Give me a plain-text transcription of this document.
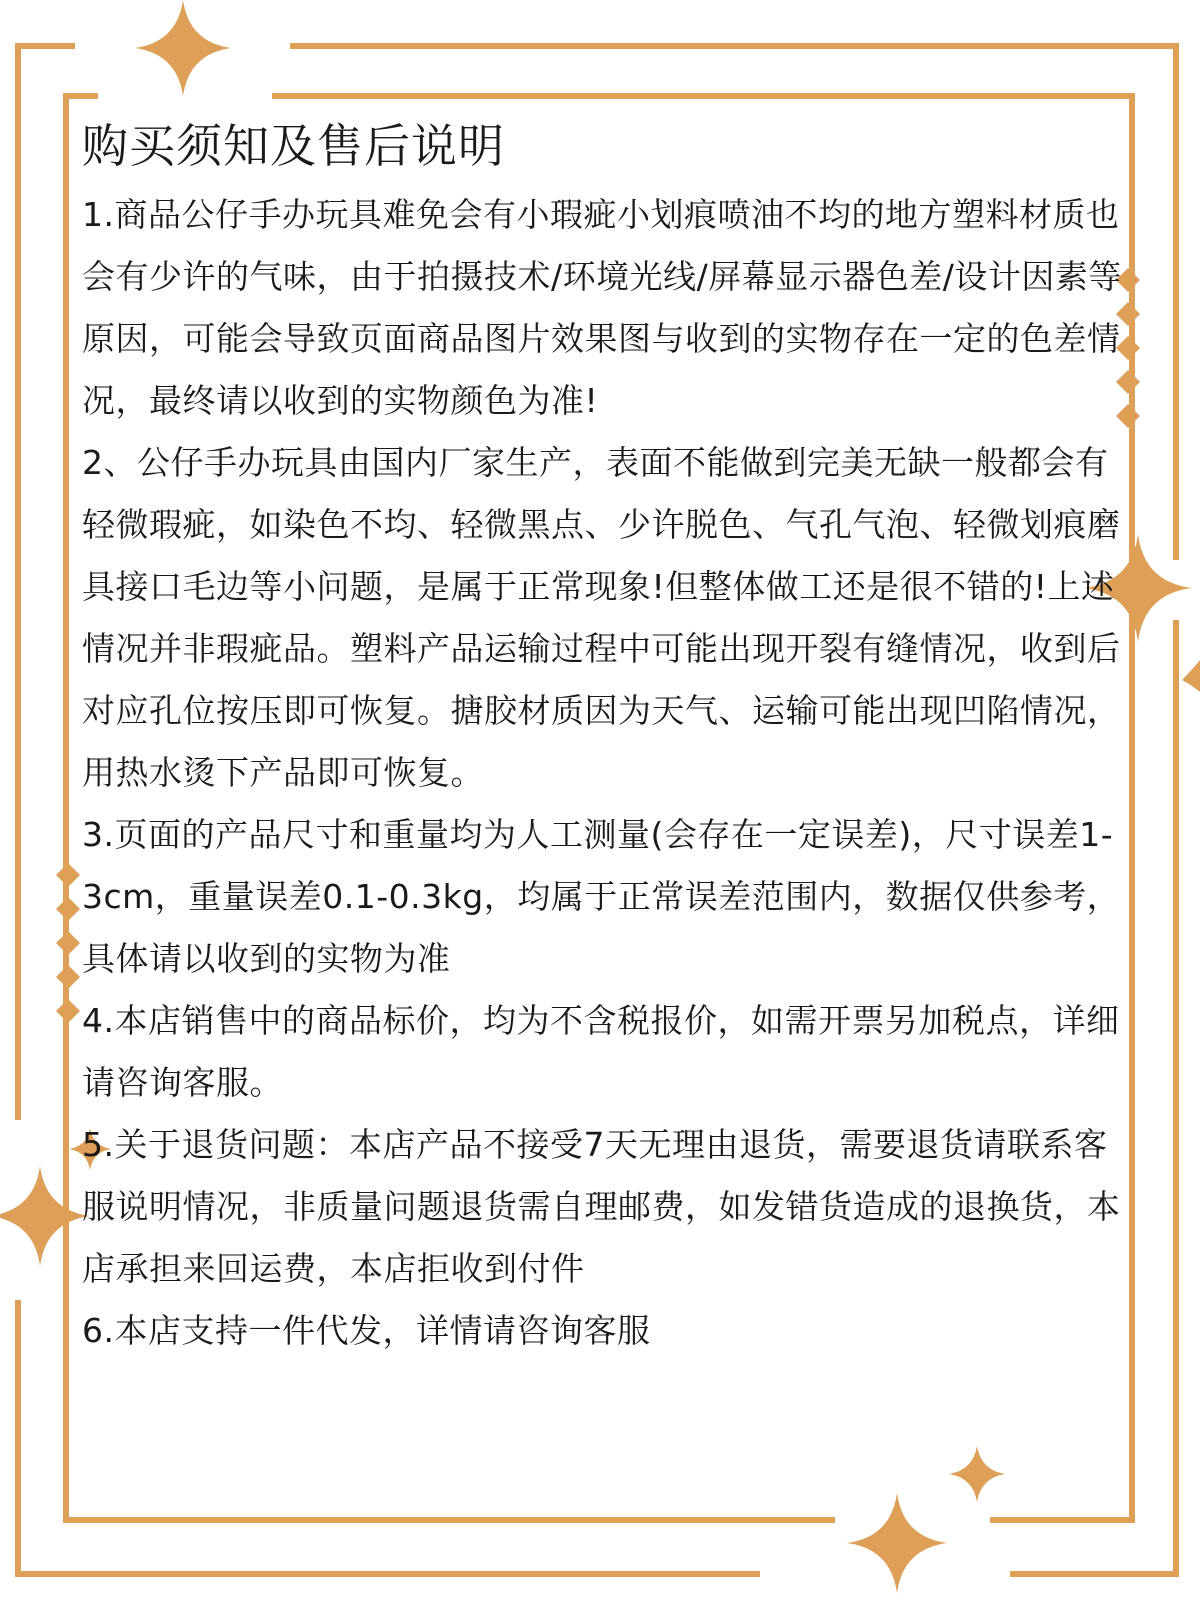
购买须知及售后说明

1.商品公仔手办玩具难免会有小瑕疵小划痕喷油不均的地方塑料材质也会有少许的气味，由于拍摄技术/环境光线/屏幕显示器色差/设计因素等原因，可能会导致页面商品图片效果图与收到的实物存在一定的色差情况，最终请以收到的实物颜色为准!

2、公仔手办玩具由国内厂家生产，表面不能做到完美无缺一般都会有轻微瑕疵，如染色不均、轻微黑点、少许脱色、气孔气泡、轻微划痕磨具接口毛边等小问题，是属于正常现象!但整体做工还是很不错的!上述情况并非瑕疵品。塑料产品运输过程中可能出现开裂有缝情况，收到后对应孔位按压即可恢复。搪胶材质因为天气、运输可能出现凹陷情况，用热水烫下产品即可恢复。

3.页面的产品尺寸和重量均为人工测量(会存在一定误差)，尺寸误差1-3cm，重量误差0.1-0.3kg，均属于正常误差范围内，数据仅供参考，具体请以收到的实物为准

4.本店销售中的商品标价，均为不含税报价，如需开票另加税点，详细请咨询客服。

5.关于退货问题：本店产品不接受7天无理由退货，需要退货请联系客服说明情况，非质量问题退货需自理邮费，如发错货造成的退换货，本店承担来回运费，本店拒收到付件

6.本店支持一件代发，详情请咨询客服
